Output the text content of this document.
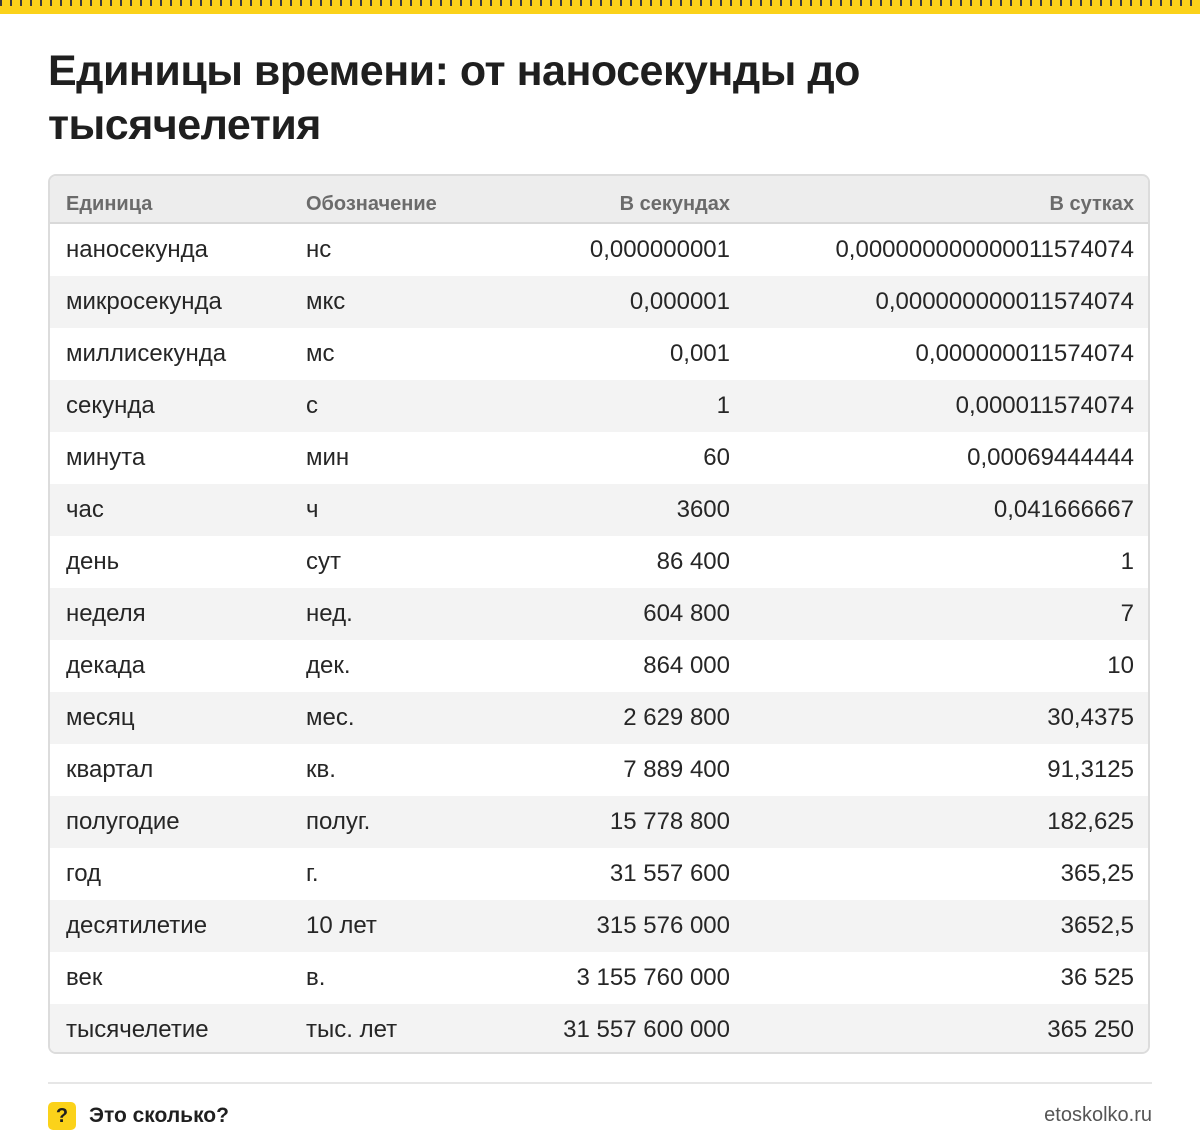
Единицы времени: от наносекунды до тысячелетия
Единица	Обозначение	В секундах	В сутках
наносекунда	нс	0,000000001	0,000000000000011574074
микросекунда	мкс	0,000001	0,000000000011574074
миллисекунда	мс	0,001	0,000000011574074
секунда	с	1	0,000011574074
минута	мин	60	0,00069444444
час	ч	3600	0,041666667
день	сут	86 400	1
неделя	нед.	604 800	7
декада	дек.	864 000	10
месяц	мес.	2 629 800	30,4375
квартал	кв.	7 889 400	91,3125
полугодие	полуг.	15 778 800	182,625
год	г.	31 557 600	365,25
десятилетие	10 лет	315 576 000	3652,5
век	в.	3 155 760 000	36 525
тысячелетие	тыс. лет	31 557 600 000	365 250
? Это сколько?	etoskolko.ru
